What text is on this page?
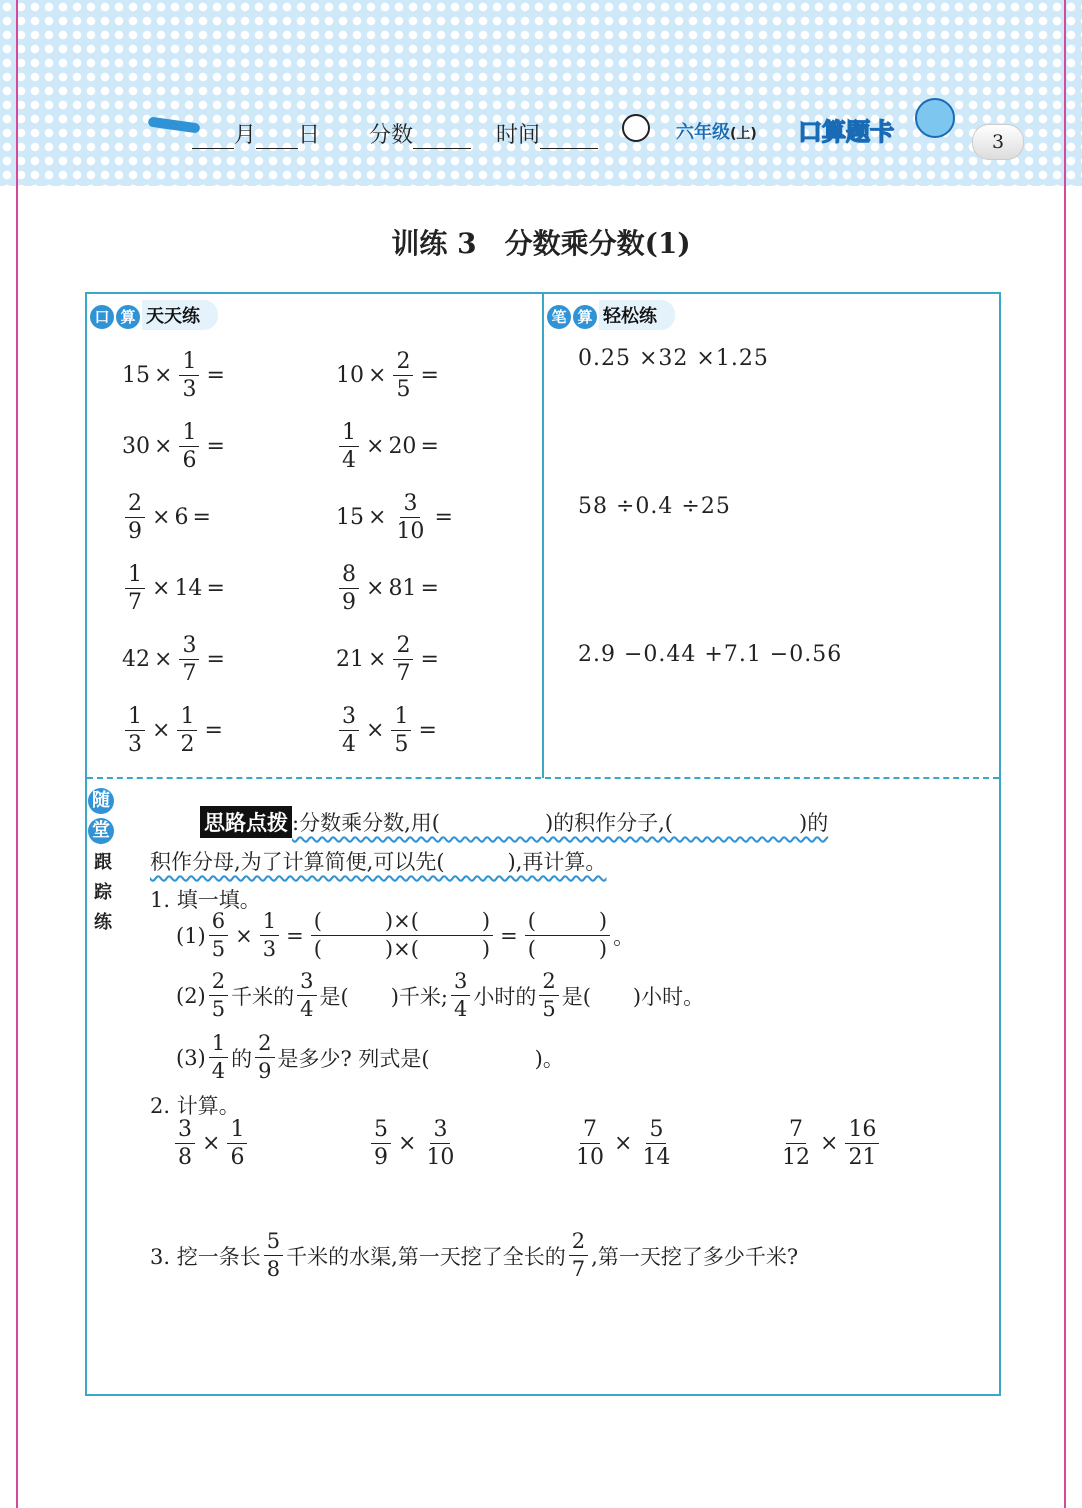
月 日 分数	时间	六年级(上) 口算题卡	3
训练 3　分数乘分数(1)
口 算 天天练	笔 算 轻松练
$15 \times \frac{1}{3}$ =	$10 \times \frac{2}{5}$ =
$30 \times \frac{1}{6}$ =	$\frac{1}{4} \times 20$ =
$\frac{2}{9} \times 6$ =	$15 \times \frac{3}{10}$ =
$\frac{1}{7} \times 14$ =	$\frac{8}{9} \times 81$ =
$42 \times \frac{3}{7}$ =	$21 \times \frac{2}{7}$ =
$\frac{1}{3} \times \frac{1}{2}$ =	$\frac{3}{4} \times \frac{1}{5}$ =
0.25 ×32 ×1.25
58 ÷0.4 ÷25
2.9 −0.44 +7.1 −0.56
随
堂
跟
踪
练
思路点拨 :分数乘分数,用(　　　　　)的积作分子,(　　　　　　)的
积作分母,为了计算简便,可以先(　　　),再计算。
1. 填一填。
$(1) \frac{6}{5} \times \frac{1}{3} = \frac{( )\times( )}{( )\times( )} = \frac{( )}{( )}$ 。
$(2) \frac{2}{5}$ 千米的 $\frac{3}{4}$ 是(　　)千米; $\frac{3}{4}$ 小时的 $\frac{2}{5}$ 是(　　)小时。
$(3) \frac{1}{4}$ 的 $\frac{2}{9}$ 是多少? 列式是(　　　　　)。
2. 计算。
$\frac{3}{8} \times \frac{1}{6}$	$\frac{5}{9} \times \frac{3}{10}$	$\frac{7}{10} \times \frac{5}{14}$	$\frac{7}{12} \times \frac{16}{21}$
3. 挖一条长 $\frac{5}{8}$ 千米的水渠,第一天挖了全长的 $\frac{2}{7}$ ,第一天挖了多少千米?
